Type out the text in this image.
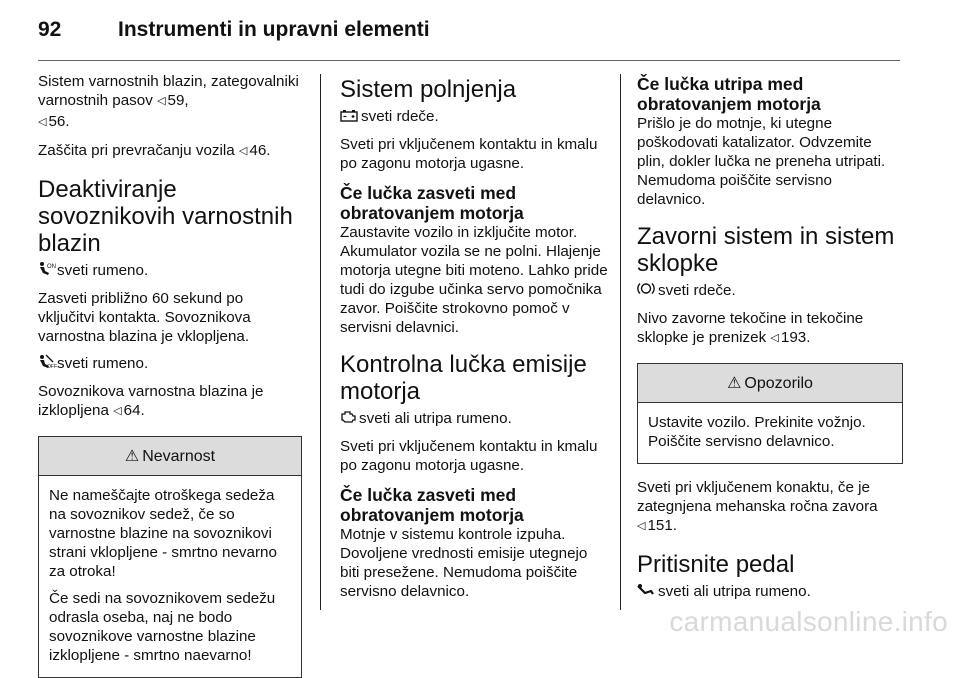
92	Instrumenti in upravni elementi

Sistem varnostnih blazin, zategovalniki varnostnih pasov ◁ 59,
◁ 56.

Zaščita pri prevračanju vozila ◁ 46.

Deaktiviranje sovoznikovih varnostnih blazin

ON sveti rumeno.

Zasveti približno 60 sekund po vključitvi kontakta. Sovoznikova varnostna blazina je vklopljena.

OFF sveti rumeno.

Sovoznikova varnostna blazina je izklopljena ◁ 64.

⚠ Nevarnost

Ne nameščajte otroškega sedeža na sovoznikov sedež, če so varnostne blazine na sovoznikovi strani vklopljene - smrtno nevarno za otroka!

Če sedi na sovoznikovem sedežu odrasla oseba, naj ne bodo sovoznikove varnostne blazine izklopljene - smrtno naevarno!

Sistem polnjenja

sveti rdeče.

Sveti pri vključenem kontaktu in kmalu po zagonu motorja ugasne.

Če lučka zasveti med obratovanjem motorja

Zaustavite vozilo in izključite motor. Akumulator vozila se ne polni. Hlajenje motorja utegne biti moteno. Lahko pride tudi do izgube učinka servo pomočnika zavor. Poiščite strokovno pomoč v servisni delavnici.

Kontrolna lučka emisije motorja

sveti ali utripa rumeno.

Sveti pri vključenem kontaktu in kmalu po zagonu motorja ugasne.

Če lučka zasveti med obratovanjem motorja

Motnje v sistemu kontrole izpuha. Dovoljene vrednosti emisije utegnejo biti presežene. Nemudoma poiščite servisno delavnico.

Če lučka utripa med obratovanjem motorja

Prišlo je do motnje, ki utegne poškodovati katalizator. Odvzemite plin, dokler lučka ne preneha utripati. Nemudoma poiščite servisno delavnico.

Zavorni sistem in sistem sklopke

sveti rdeče.

Nivo zavorne tekočine in tekočine sklopke je prenizek ◁ 193.

⚠ Opozorilo

Ustavite vozilo. Prekinite vožnjo. Poiščite servisno delavnico.

Sveti pri vključenem konaktu, če je zategnjena mehanska ročna zavora
◁ 151.

Pritisnite pedal

sveti ali utripa rumeno.

carmanualsonline.info
